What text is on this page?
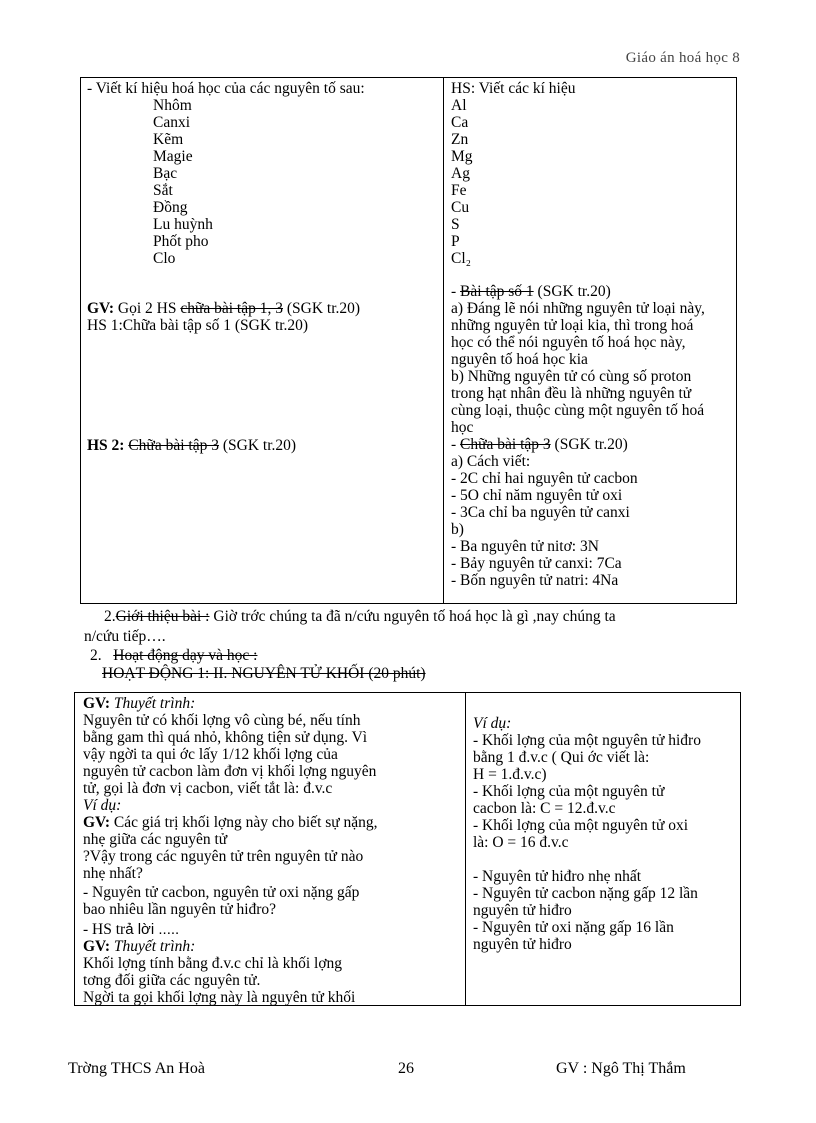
Giáo án hoá học 8
- Viết kí hiệu hoá học của các nguyên tố sau:
Nhôm
Canxi
Kẽm
Magie
Bạc
Sắt
Đồng
Lu huỳnh
Phốt pho
Clo
GV: Gọi 2 HS chữa bài tập 1, 3 (SGK tr.20)
HS 1:Chữa bài tập số 1 (SGK tr.20)
HS 2: Chữa bài tập 3 (SGK tr.20)
HS: Viết các kí hiệu
Al
Ca
Zn
Mg
Ag
Fe
Cu
S
P
Cl₂
- Bài tập số 1 (SGK tr.20)
a) Đáng lẽ nói những nguyên tử loại này,
những nguyên tử loại kia, thì trong hoá
học có thể nói nguyên tố hoá học này,
nguyên tố hoá học kia
b) Những nguyên tử có cùng số proton
trong hạt nhân đều là những nguyên tử
cùng loại, thuộc cùng một nguyên tố hoá
học
- Chữa bài tập 3 (SGK tr.20)
a) Cách viết:
- 2C chỉ hai nguyên tử cacbon
- 5O chỉ năm nguyên tử oxi
- 3Ca chỉ ba nguyên tử canxi
b)
- Ba nguyên tử nitơ: 3N
- Bảy nguyên tử canxi: 7Ca
- Bốn nguyên tử natri: 4Na
2.Giới thiệu bài : Giờ trớc chúng ta đã n/cứu nguyên tố hoá học là gì ,nay chúng ta
n/cứu tiếp….
2. Hoạt động dạy và học :
HOẠT ĐỘNG 1: II. NGUYÊN TỬ KHỐI (20 phút)
GV: Thuyết trình:
Nguyên tử có khối lợng vô cùng bé, nếu tính
bằng gam thì quá nhỏ, không tiện sử dụng. Vì
vậy ngời ta qui ớc lấy 1/12 khối lợng của
nguyên tử cacbon làm đơn vị khối lợng nguyên
tử, gọi là đơn vị cacbon, viết tắt là: đ.v.c
Ví dụ:
GV: Các giá trị khối lợng này cho biết sự nặng,
nhẹ giữa các nguyên tử
?Vậy trong các nguyên tử trên nguyên tử nào
nhẹ nhất?
- Nguyên tử cacbon, nguyên tử oxi nặng gấp
bao nhiêu lần nguyên tử hiđro?
- HS trả lời .....
GV: Thuyết trình:
Khối lợng tính bằng đ.v.c chỉ là khối lợng
tơng đối giữa các nguyên tử.
Ngời ta gọi khối lợng này là nguyên tử khối
Ví dụ:
- Khối lợng của một nguyên tử hiđro
bằng 1 đ.v.c ( Qui ớc viết là:
H = 1.đ.v.c)
- Khối lợng của một nguyên tử
cacbon là: C = 12.đ.v.c
- Khối lợng của một nguyên tử oxi
là: O = 16 đ.v.c
- Nguyên tử hiđro nhẹ nhất
- Nguyên tử cacbon nặng gấp 12 lần
nguyên tử hiđro
- Nguyên tử oxi nặng gấp 16 lần
nguyên tử hiđro
Trờng THCS An Hoà	26	GV : Ngô Thị Thắm
